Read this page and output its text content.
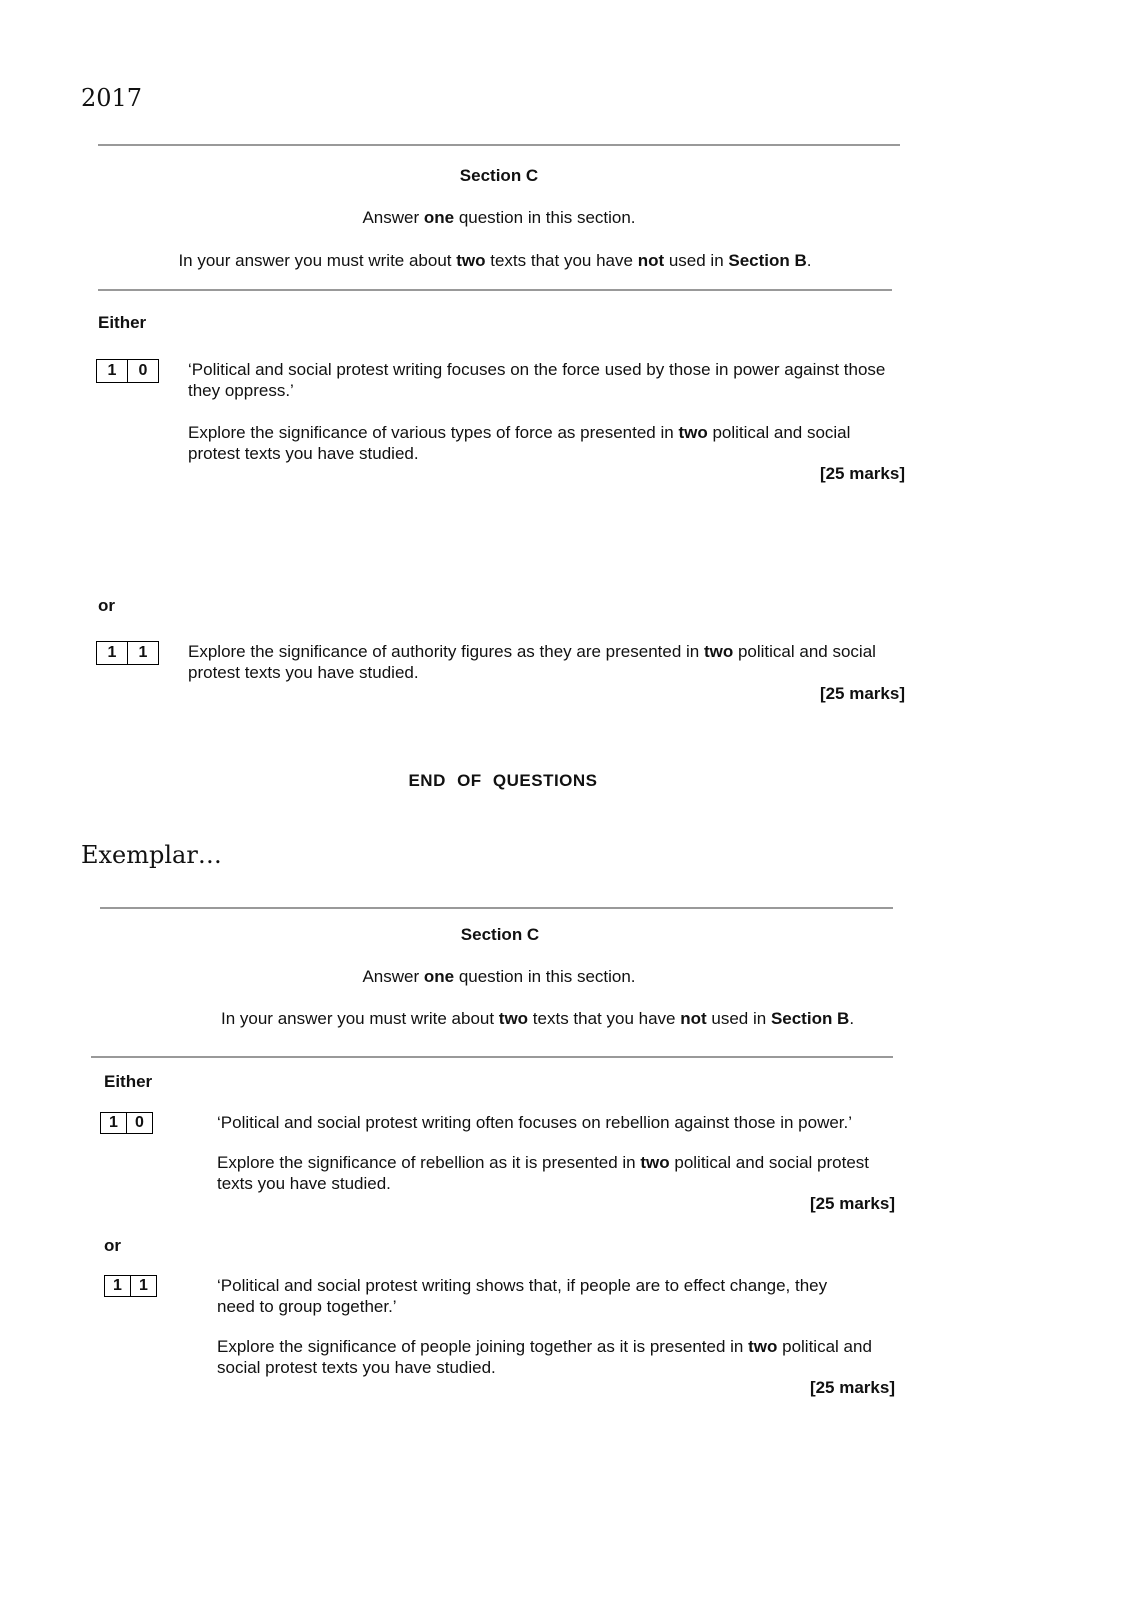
2017
Section C
Answer one question in this section.
In your answer you must write about two texts that you have not used in Section B.
Either
1	0	‘Political and social protest writing focuses on the force used by those in power against those they oppress.’
Explore the significance of various types of force as presented in two political and social protest texts you have studied.
[25 marks]
or
1	1	Explore the significance of authority figures as they are presented in two political and social protest texts you have studied.
[25 marks]
END OF QUESTIONS
Exemplar…
Section C
Answer one question in this section.
In your answer you must write about two texts that you have not used in Section B.
Either
1	0	‘Political and social protest writing often focuses on rebellion against those in power.’
Explore the significance of rebellion as it is presented in two political and social protest texts you have studied.
[25 marks]
or
1	1	‘Political and social protest writing shows that, if people are to effect change, they need to group together.’
Explore the significance of people joining together as it is presented in two political and social protest texts you have studied.
[25 marks]
